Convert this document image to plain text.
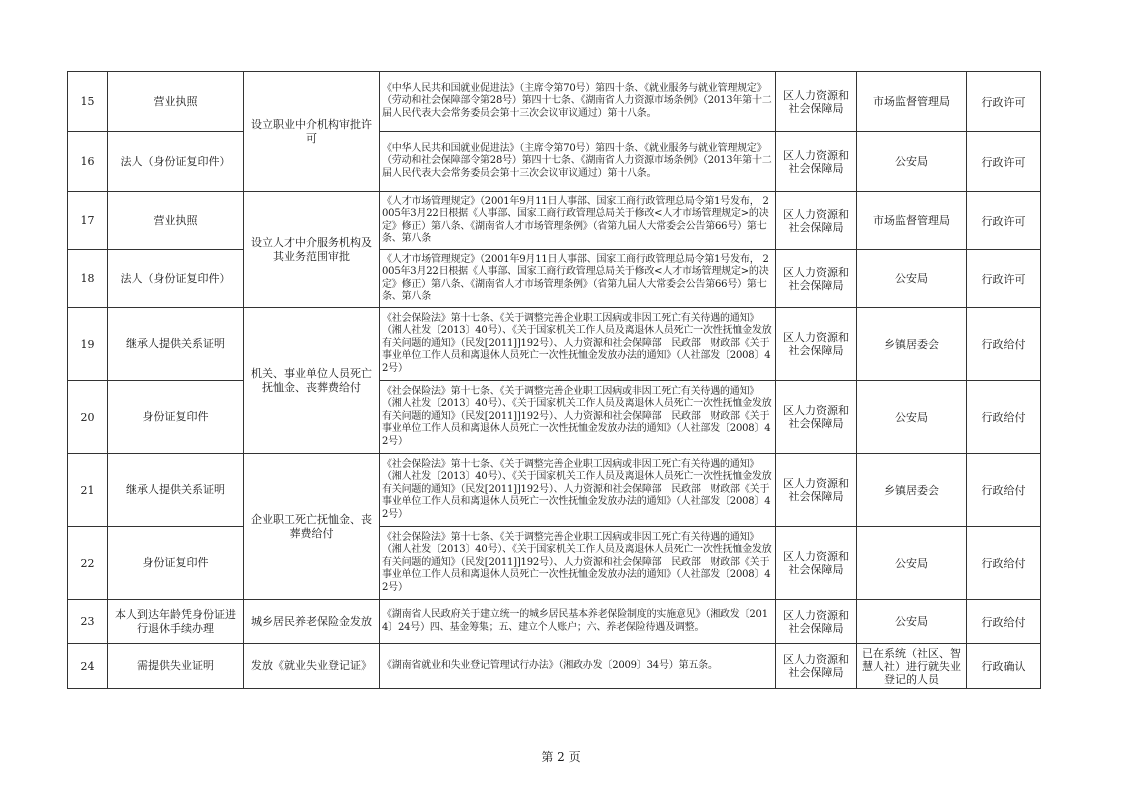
15	营业执照	设立职业中介机构审批许可	《中华人民共和国就业促进法》（主席令第70号）第四十条、《就业服务与就业管理规定》（劳动和社会保障部令第28号）第四十七条、《湖南省人力资源市场条例》（2013年第十二届人民代表大会常务委员会第十三次会议审议通过）第十八条。	区人力资源和社会保障局	市场监督管理局	行政许可
16	法人（身份证复印件）		《中华人民共和国就业促进法》（主席令第70号）第四十条、《就业服务与就业管理规定》（劳动和社会保障部令第28号）第四十七条、《湖南省人力资源市场条例》（2013年第十二届人民代表大会常务委员会第十三次会议审议通过）第十八条。	区人力资源和社会保障局	公安局	行政许可
17	营业执照	设立人才中介服务机构及其业务范围审批	《人才市场管理规定》（2001年9月11日人事部、国家工商行政管理总局令第1号发布， 2005年3月22日根据《人事部、国家工商行政管理总局关于修改<人才市场管理规定>的决定》修正）第八条、《湖南省人才市场管理条例》（省第九届人大常委会公告第66号）第七条、第八条	区人力资源和社会保障局	市场监督管理局	行政许可
18	法人（身份证复印件）		《人才市场管理规定》（2001年9月11日人事部、国家工商行政管理总局令第1号发布， 2005年3月22日根据《人事部、国家工商行政管理总局关于修改<人才市场管理规定>的决定》修正）第八条、《湖南省人才市场管理条例》（省第九届人大常委会公告第66号）第七条、第八条	区人力资源和社会保障局	公安局	行政许可
19	继承人提供关系证明	机关、事业单位人员死亡抚恤金、丧葬费给付	《社会保险法》第十七条、《关于调整完善企业职工因病或非因工死亡有关待遇的通知》（湘人社发〔2013〕40号）、《关于国家机关工作人员及离退休人员死亡一次性抚恤金发放有关问题的通知》（民发[2011]]192号）、人力资源和社会保障部　民政部　财政部《关于事业单位工作人员和离退休人员死亡一次性抚恤金发放办法的通知》（人社部发〔2008〕42号）	区人力资源和社会保障局	乡镇居委会	行政给付
20	身份证复印件		《社会保险法》第十七条、《关于调整完善企业职工因病或非因工死亡有关待遇的通知》（湘人社发〔2013〕40号）、《关于国家机关工作人员及离退休人员死亡一次性抚恤金发放有关问题的通知》（民发[2011]]192号）、人力资源和社会保障部　民政部　财政部《关于事业单位工作人员和离退休人员死亡一次性抚恤金发放办法的通知》（人社部发〔2008〕42号）	区人力资源和社会保障局	公安局	行政给付
21	继承人提供关系证明	企业职工死亡抚恤金、丧葬费给付	《社会保险法》第十七条、《关于调整完善企业职工因病或非因工死亡有关待遇的通知》（湘人社发〔2013〕40号）、《关于国家机关工作人员及离退休人员死亡一次性抚恤金发放有关问题的通知》（民发[2011]]192号）、人力资源和社会保障部　民政部　财政部《关于事业单位工作人员和离退休人员死亡一次性抚恤金发放办法的通知》（人社部发〔2008〕42号）	区人力资源和社会保障局	乡镇居委会	行政给付
22	身份证复印件		《社会保险法》第十七条、《关于调整完善企业职工因病或非因工死亡有关待遇的通知》（湘人社发〔2013〕40号）、《关于国家机关工作人员及离退休人员死亡一次性抚恤金发放有关问题的通知》（民发[2011]]192号）、人力资源和社会保障部　民政部　财政部《关于事业单位工作人员和离退休人员死亡一次性抚恤金发放办法的通知》（人社部发〔2008〕42号）	区人力资源和社会保障局	公安局	行政给付
23	本人到达年龄凭身份证进行退休手续办理	城乡居民养老保险金发放	《湖南省人民政府关于建立统一的城乡居民基本养老保险制度的实施意见》（湘政发〔2014〕24号）四、基金筹集；五、建立个人账户；六、养老保险待遇及调整。	区人力资源和社会保障局	公安局	行政给付
24	需提供失业证明	发放《就业失业登记证》	《湖南省就业和失业登记管理试行办法》（湘政办发〔2009〕34号）第五条。	区人力资源和社会保障局	已在系统（社区、智慧人社）进行就失业登记的人员	行政确认
第 2 页
